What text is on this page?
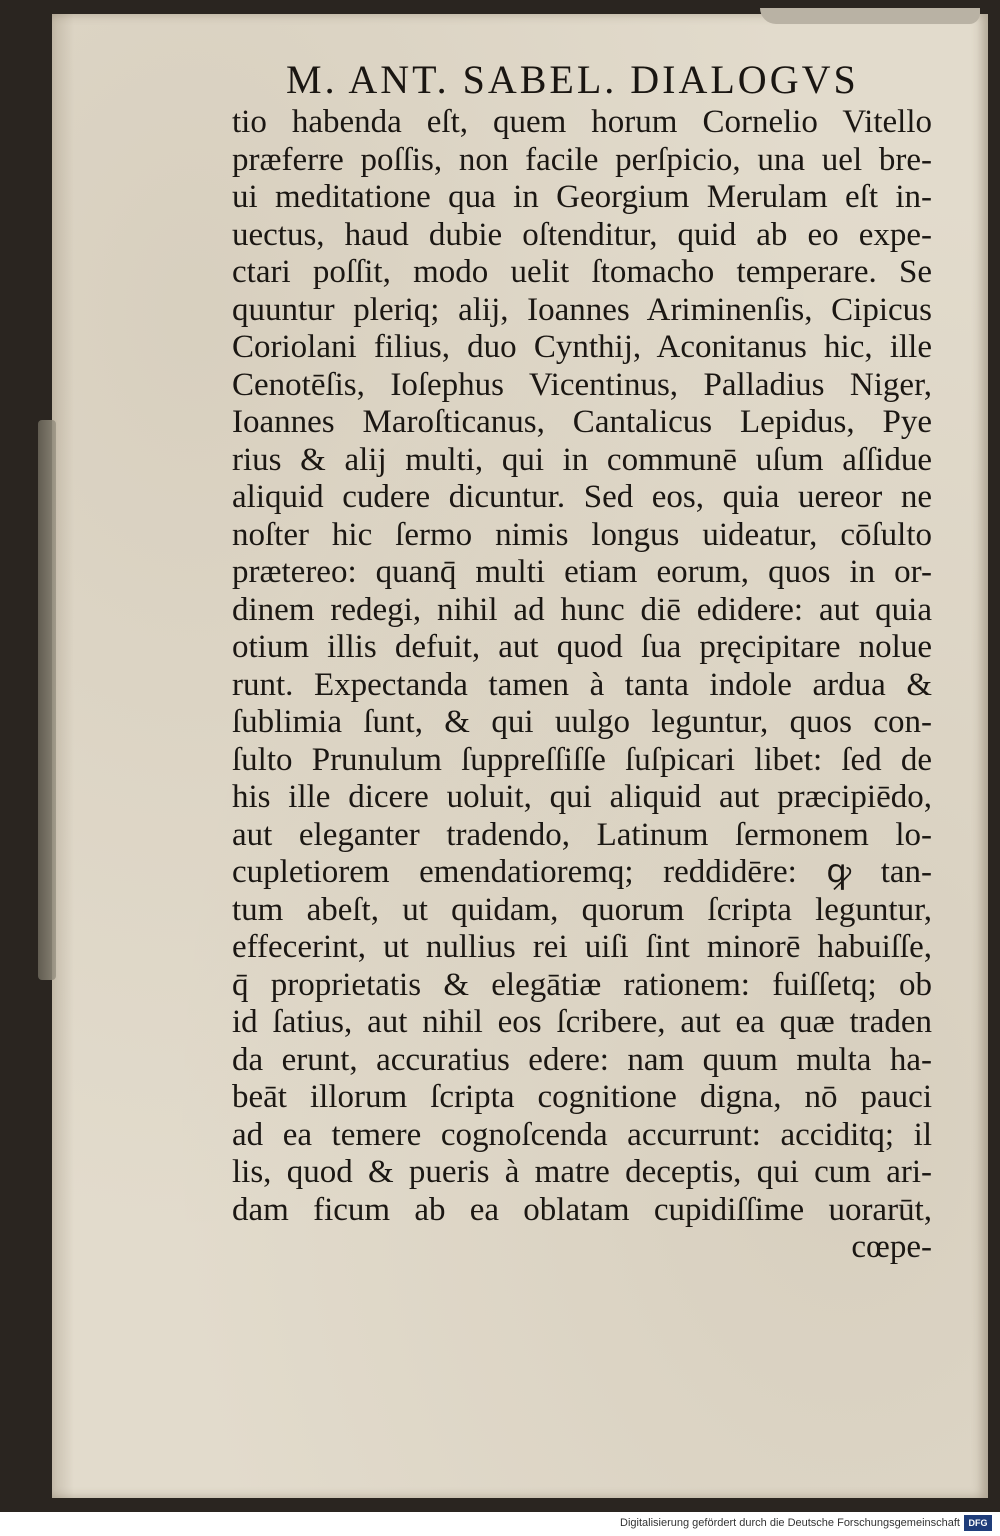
M. ANT. SABEL. DIALOGVS
tio habenda eſt, quem horum Cornelio Vitello
præferre poſſis, non facile perſpicio, una uel bre-
ui meditatione qua in Georgium Merulam eſt in-
uectus, haud dubie oſtenditur, quid ab eo expe-
ctari poſſit, modo uelit ſtomacho temperare. Se
quuntur pleriq; alij, Ioannes Ariminenſis, Cipicus
Coriolani filius, duo Cynthij, Aconitanus hic, ille
Cenotēſis, Ioſephus Vicentinus, Palladius Niger,
Ioannes Maroſticanus, Cantalicus Lepidus, Pye
rius & alij multi, qui in communē uſum aſſidue
aliquid cudere dicuntur. Sed eos, quia uereor ne
noſter hic ſermo nimis longus uideatur, cōſulto
prætereo: quanq̄ multi etiam eorum, quos in or-
dinem redegi, nihil ad hunc diē edidere: aut quia
otium illis defuit, aut quod ſua pręcipitare nolue
runt. Expectanda tamen à tanta indole ardua &
ſublimia ſunt, & qui uulgo leguntur, quos con-
ſulto Prunulum ſuppreſſiſſe ſuſpicari libet: ſed de
his ille dicere uoluit, qui aliquid aut præcipiēdo,
aut eleganter tradendo, Latinum ſermonem lo-
cupletiorem emendatioremq; reddidēre: ꝙ tan-
tum abeſt, ut quidam, quorum ſcripta leguntur,
effecerint, ut nullius rei uiſi ſint minorē habuiſſe,
q̄ proprietatis & elegātiæ rationem: fuiſſetq; ob
id ſatius, aut nihil eos ſcribere, aut ea quæ traden
da erunt, accuratius edere: nam quum multa ha-
beāt illorum ſcripta cognitione digna, nō pauci
ad ea temere cognoſcenda accurrunt: acciditq; il
lis, quod & pueris à matre deceptis, qui cum ari-
dam ficum ab ea oblatam cupidiſſime uorarūt,
cœpe-
Digitalisierung gefördert durch die Deutsche Forschungsgemeinschaft DFG
